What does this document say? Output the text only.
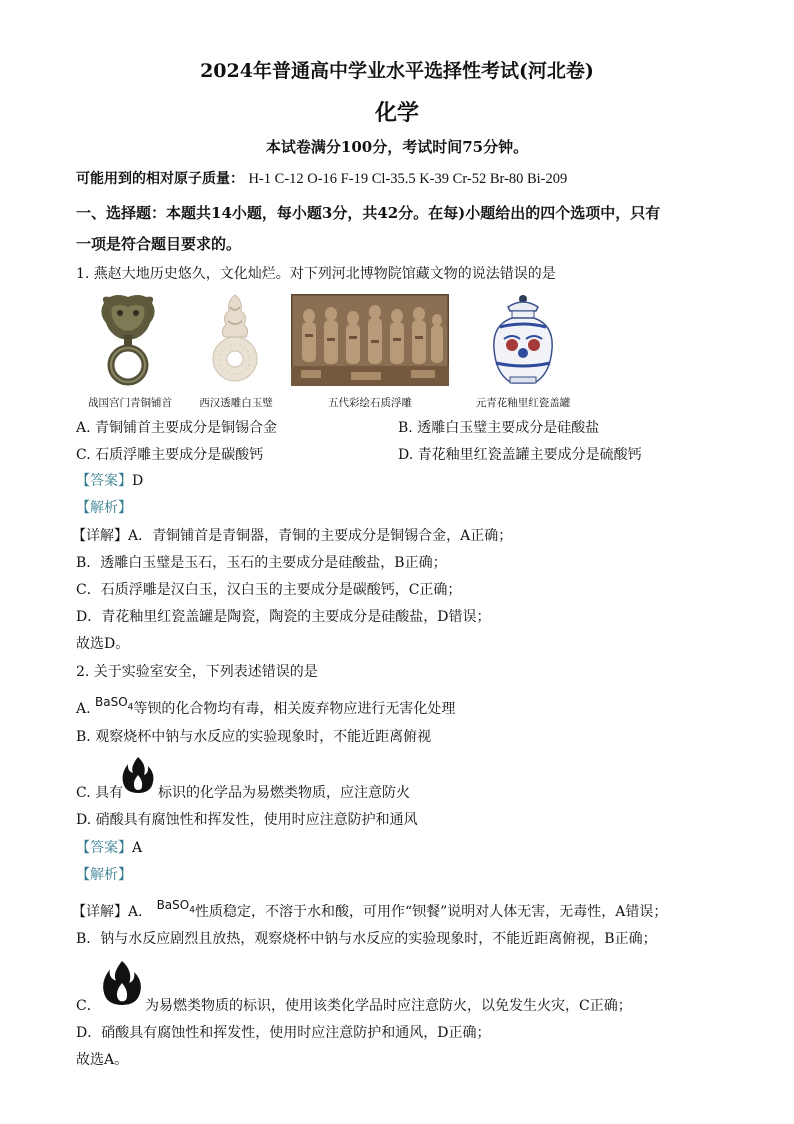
2024年普通高中学业水平选择性考试(河北卷)
化学
本试卷满分100分，考试时间75分钟。
可能用到的相对原子质量： H-1 C-12 O-16 F-19 Cl-35.5 K-39 Cr-52 Br-80 Bi-209
一、选择题：本题共14小题，每小题3分，共42分。在每)小题给出的四个选项中，只有
一项是符合题目要求的。
1. 燕赵大地历史悠久，文化灿烂。对下列河北博物院馆藏文物的说法错误的是
战国宫门青铜铺首	西汉透雕白玉璧	五代彩绘石质浮雕	元青花釉里红瓷盖罐
A. 青铜铺首主要成分是铜锡合金	B. 透雕白玉璧主要成分是硅酸盐
C. 石质浮雕主要成分是碳酸钙	D. 青花釉里红瓷盖罐主要成分是硫酸钙
【答案】D
【解析】
【详解】A．青铜铺首是青铜器，青铜的主要成分是铜锡合金，A正确；
B．透雕白玉璧是玉石，玉石的主要成分是硅酸盐，B正确；
C．石质浮雕是汉白玉，汉白玉的主要成分是碳酸钙，C正确；
D．青花釉里红瓷盖罐是陶瓷，陶瓷的主要成分是硅酸盐，D错误；
故选D。
2. 关于实验室安全，下列表述错误的是
A. BaSO$_4$等钡的化合物均有毒，相关废弃物应进行无害化处理
B. 观察烧杯中钠与水反应的实验现象时，不能近距离俯视
C. 具有 标识的化学品为易燃类物质，应注意防火
D. 硝酸具有腐蚀性和挥发性，使用时应注意防护和通风
【答案】A
【解析】
【详解】A． BaSO$_4$性质稳定，不溶于水和酸，可用作“钡餐”说明对人体无害，无毒性，A错误；
B．钠与水反应剧烈且放热，观察烧杯中钠与水反应的实验现象时，不能近距离俯视，B正确；
C．	为易燃类物质的标识，使用该类化学品时应注意防火，以免发生火灾，C正确；
D．硝酸具有腐蚀性和挥发性，使用时应注意防护和通风，D正确；
故选A。
